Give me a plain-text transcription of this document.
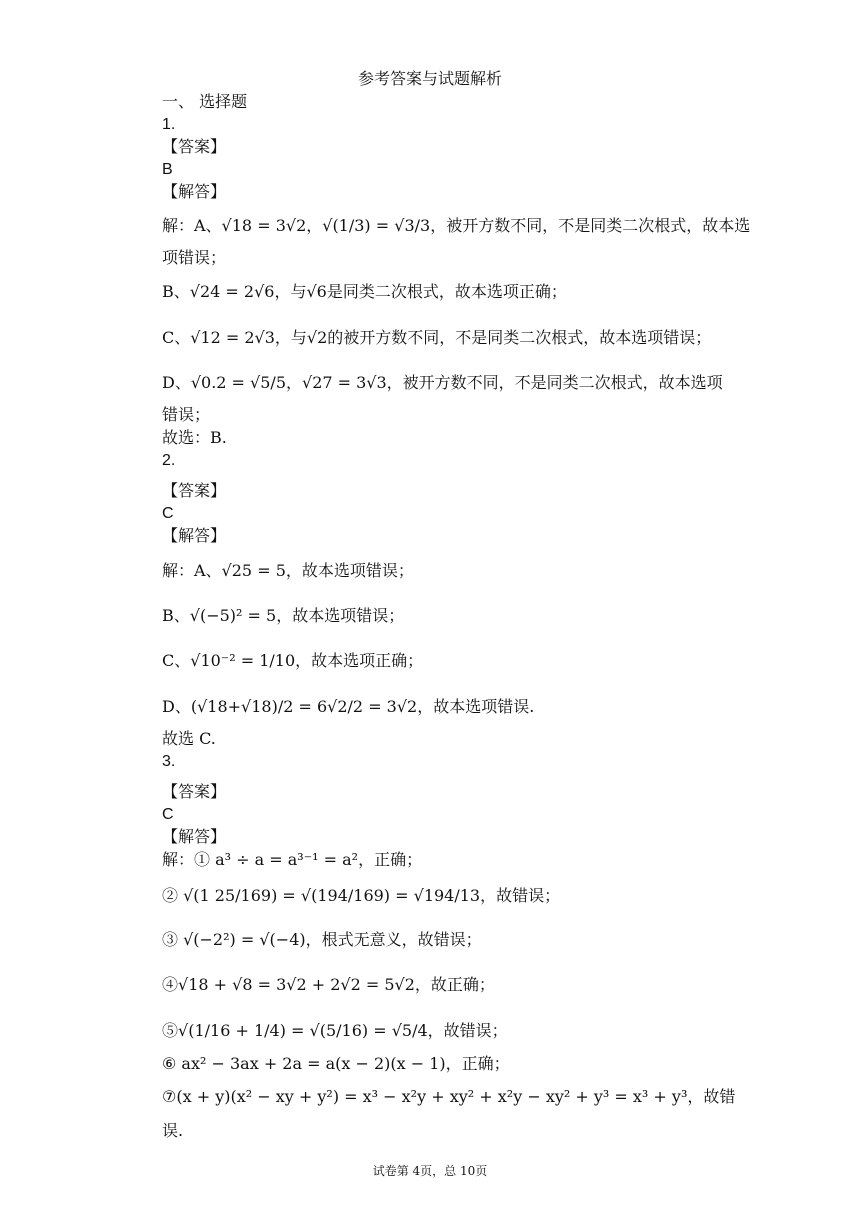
参考答案与试题解析
一、 选择题
1.
【答案】
B
【解答】
解：A、√18 = 3√2，√(1/3) = √3/3，被开方数不同，不是同类二次根式，故本选
项错误；
B、√24 = 2√6，与√6是同类二次根式，故本选项正确；
C、√12 = 2√3，与√2的被开方数不同，不是同类二次根式，故本选项错误；
D、√0.2 = √5/5，√27 = 3√3，被开方数不同，不是同类二次根式，故本选项
错误；
故选：B.
2.
【答案】
C
【解答】
解：A、√25 = 5，故本选项错误；
B、√(−5)² = 5，故本选项错误；
C、√10⁻² = 1/10，故本选项正确；
D、(√18+√18)/2 = 6√2/2 = 3√2，故本选项错误.
故选 C.
3.
【答案】
C
【解答】
解：① a³ ÷ a = a³⁻¹ = a²，正确；
② √(1 25/169) = √(194/169) = √194/13，故错误；
③ √(−2²) = √(−4)，根式无意义，故错误；
④√18 + √8 = 3√2 + 2√2 = 5√2，故正确；
⑤√(1/16 + 1/4) = √(5/16) = √5/4，故错误；
⑥ ax² − 3ax + 2a = a(x − 2)(x − 1)，正确；
⑦(x + y)(x² − xy + y²) = x³ − x²y + xy² + x²y − xy² + y³ = x³ + y³，故错
误.
试卷第 4页，总 10页
